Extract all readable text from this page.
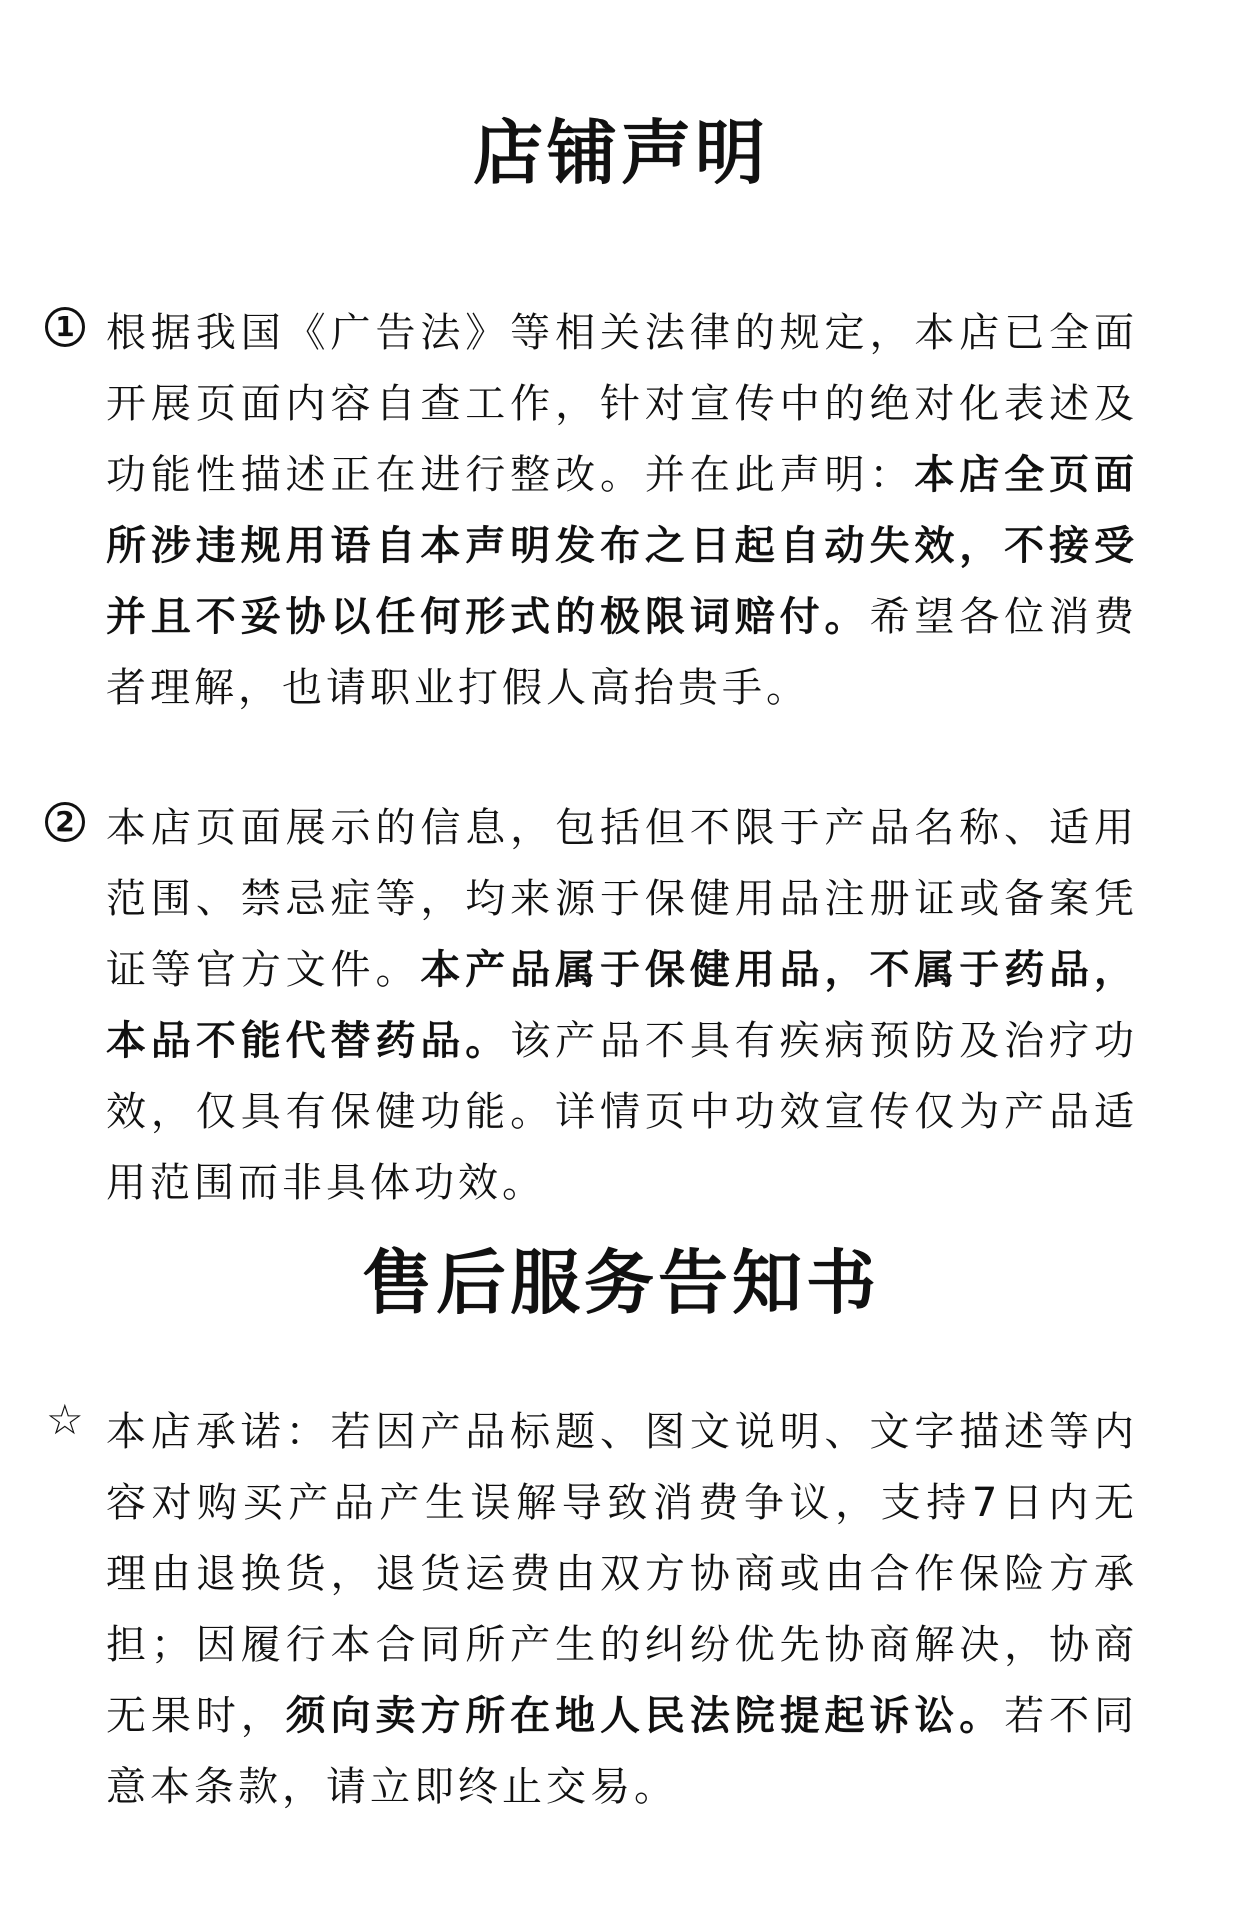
店铺声明
1 根据我国《广告法》等相关法律的规定，本店已全面开展页面内容自查工作，针对宣传中的绝对化表述及功能性描述正在进行整改。并在此声明：本店全页面所涉违规用语自本声明发布之日起自动失效，不接受并且不妥协以任何形式的极限词赔付。希望各位消费者理解，也请职业打假人高抬贵手。

2 本店页面展示的信息，包括但不限于产品名称、适用范围、禁忌症等，均来源于保健用品注册证或备案凭证等官方文件。本产品属于保健用品，不属于药品，本品不能代替药品。该产品不具有疾病预防及治疗功效，仅具有保健功能。详情页中功效宣传仅为产品适用范围而非具体功效。

售后服务告知书
☆ 本店承诺：若因产品标题、图文说明、文字描述等内容对购买产品产生误解导致消费争议，支持7日内无理由退换货，退货运费由双方协商或由合作保险方承担；因履行本合同所产生的纠纷优先协商解决，协商无果时，须向卖方所在地人民法院提起诉讼。若不同意本条款，请立即终止交易。
